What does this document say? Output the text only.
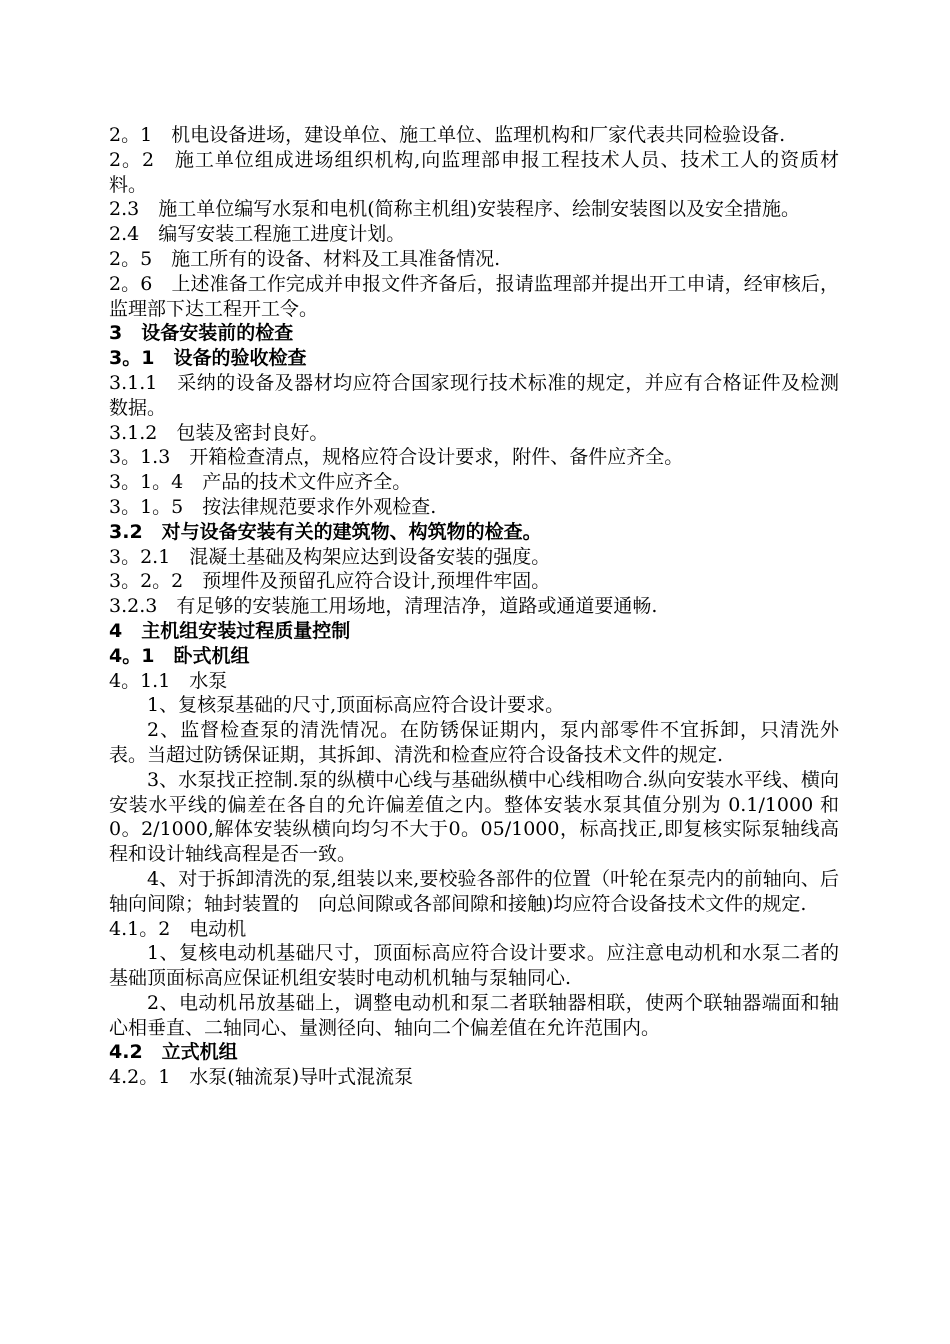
2。1　机电设备进场，建设单位、施工单位、监理机构和厂家代表共同检验设备.

2。2　施工单位组成进场组织机构,向监理部申报工程技术人员、技术工人的资质材料。

2.3　施工单位编写水泵和电机(简称主机组)安装程序、绘制安装图以及安全措施。

2.4　编写安装工程施工进度计划。

2。5　施工所有的设备、材料及工具准备情况.

2。6　上述准备工作完成并申报文件齐备后，报请监理部并提出开工申请，经审核后，监理部下达工程开工令。

3　设备安装前的检查

3。1　设备的验收检查

3.1.1　采纳的设备及器材均应符合国家现行技术标准的规定，并应有合格证件及检测数据。

3.1.2　包装及密封良好。

3。1.3　开箱检查清点，规格应符合设计要求，附件、备件应齐全。

3。1。4　产品的技术文件应齐全。

3。1。5　按法律规范要求作外观检查.

3.2　对与设备安装有关的建筑物、构筑物的检查。

3。2.1　混凝土基础及构架应达到设备安装的强度。

3。2。2　预埋件及预留孔应符合设计,预埋件牢固。

3.2.3　有足够的安装施工用场地，清理洁净，道路或通道要通畅.

4　主机组安装过程质量控制

4。1　卧式机组

4。1.1　水泵

1、复核泵基础的尺寸,顶面标高应符合设计要求。

2、监督检查泵的清洗情况。在防锈保证期内，泵内部零件不宜拆卸，只清洗外表。当超过防锈保证期，其拆卸、清洗和检查应符合设备技术文件的规定.

3、水泵找正控制.泵的纵横中心线与基础纵横中心线相吻合.纵向安装水平线、横向安装水平线的偏差在各自的允许偏差值之内。整体安装水泵其值分别为 0.1/1000 和 0。2/1000,解体安装纵横向均匀不大于0。05/1000，标高找正,即复核实际泵轴线高程和设计轴线高程是否一致。

4、对于拆卸清洗的泵,组装以来,要校验各部件的位置（叶轮在泵壳内的前轴向、后轴向间隙；轴封装置的　向总间隙或各部间隙和接触)均应符合设备技术文件的规定.

4.1。2　电动机

1、复核电动机基础尺寸，顶面标高应符合设计要求。应注意电动机和水泵二者的基础顶面标高应保证机组安装时电动机机轴与泵轴同心.

2、电动机吊放基础上，调整电动机和泵二者联轴器相联，使两个联轴器端面和轴心相垂直、二轴同心、量测径向、轴向二个偏差值在允许范围内。

4.2　立式机组

4.2。1　水泵(轴流泵)导叶式混流泵
